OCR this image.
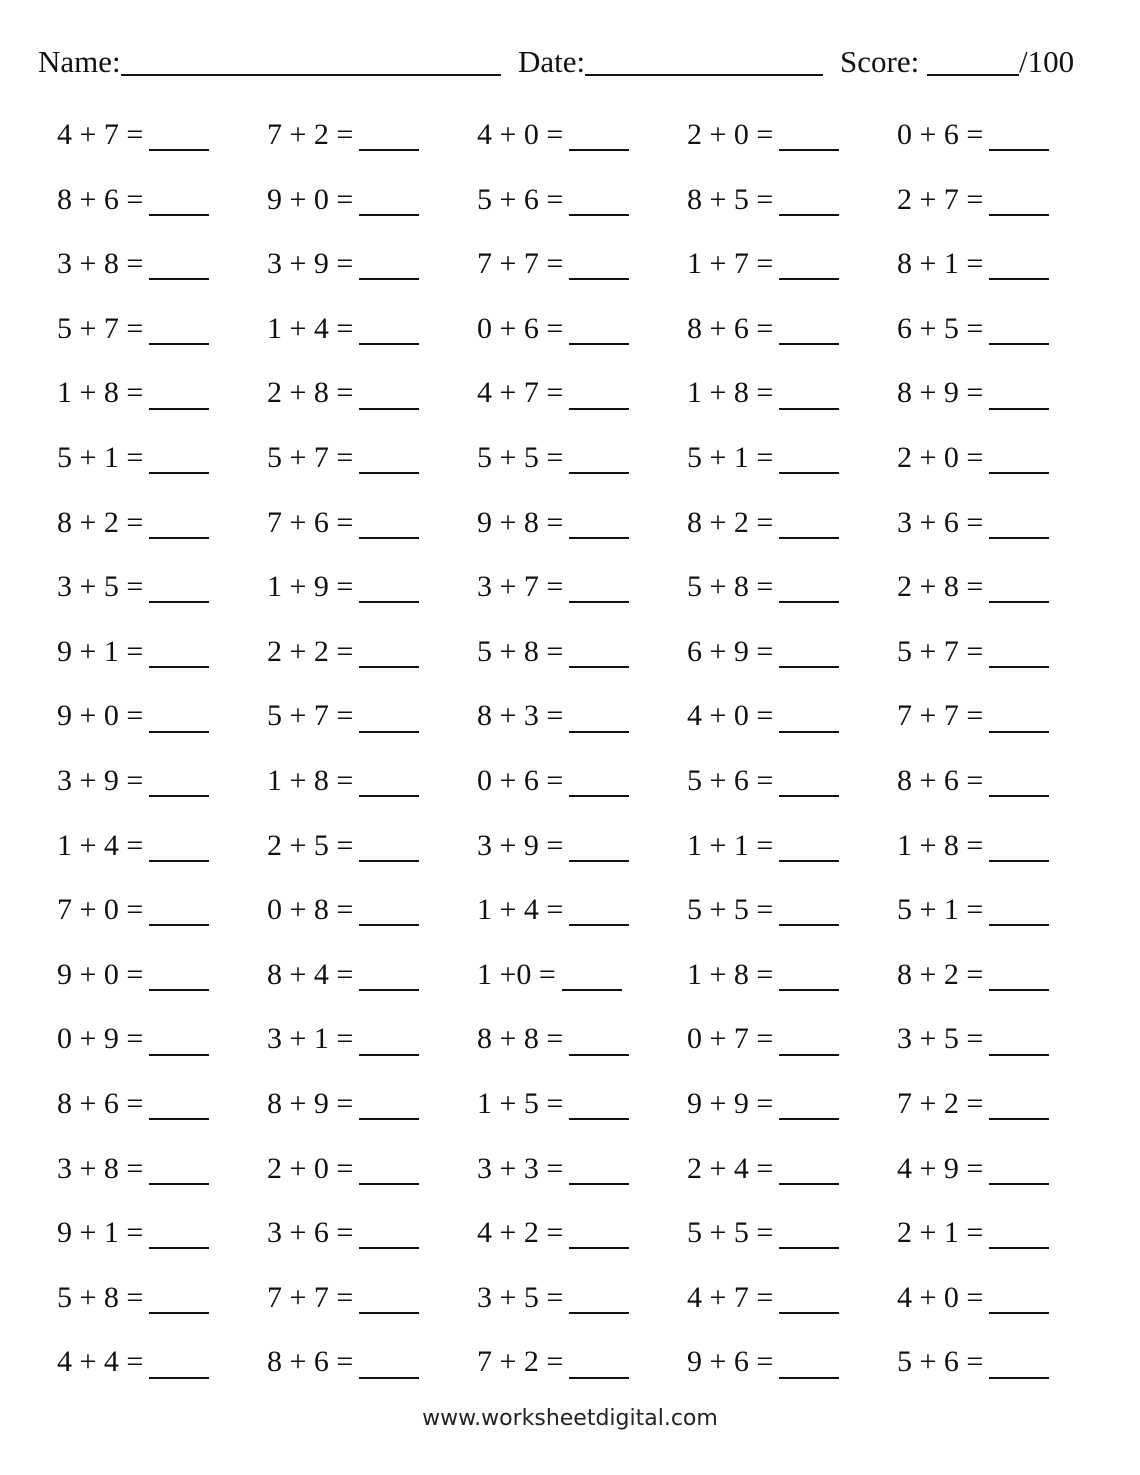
Name:	Date:	Score:	/100
4 + 7 =	7 + 2 =	4 + 0 =	2 + 0 =	0 + 6 =
8 + 6 =	9 + 0 =	5 + 6 =	8 + 5 =	2 + 7 =
3 + 8 =	3 + 9 =	7 + 7 =	1 + 7 =	8 + 1 =
5 + 7 =	1 + 4 =	0 + 6 =	8 + 6 =	6 + 5 =
1 + 8 =	2 + 8 =	4 + 7 =	1 + 8 =	8 + 9 =
5 + 1 =	5 + 7 =	5 + 5 =	5 + 1 =	2 + 0 =
8 + 2 =	7 + 6 =	9 + 8 =	8 + 2 =	3 + 6 =
3 + 5 =	1 + 9 =	3 + 7 =	5 + 8 =	2 + 8 =
9 + 1 =	2 + 2 =	5 + 8 =	6 + 9 =	5 + 7 =
9 + 0 =	5 + 7 =	8 + 3 =	4 + 0 =	7 + 7 =
3 + 9 =	1 + 8 =	0 + 6 =	5 + 6 =	8 + 6 =
1 + 4 =	2 + 5 =	3 + 9 =	1 + 1 =	1 + 8 =
7 + 0 =	0 + 8 =	1 + 4 =	5 + 5 =	5 + 1 =
9 + 0 =	8 + 4 =	1 +0 =	1 + 8 =	8 + 2 =
0 + 9 =	3 + 1 =	8 + 8 =	0 + 7 =	3 + 5 =
8 + 6 =	8 + 9 =	1 + 5 =	9 + 9 =	7 + 2 =
3 + 8 =	2 + 0 =	3 + 3 =	2 + 4 =	4 + 9 =
9 + 1 =	3 + 6 =	4 + 2 =	5 + 5 =	2 + 1 =
5 + 8 =	7 + 7 =	3 + 5 =	4 + 7 =	4 + 0 =
4 + 4 =	8 + 6 =	7 + 2 =	9 + 6 =	5 + 6 =
www.worksheetdigital.com
